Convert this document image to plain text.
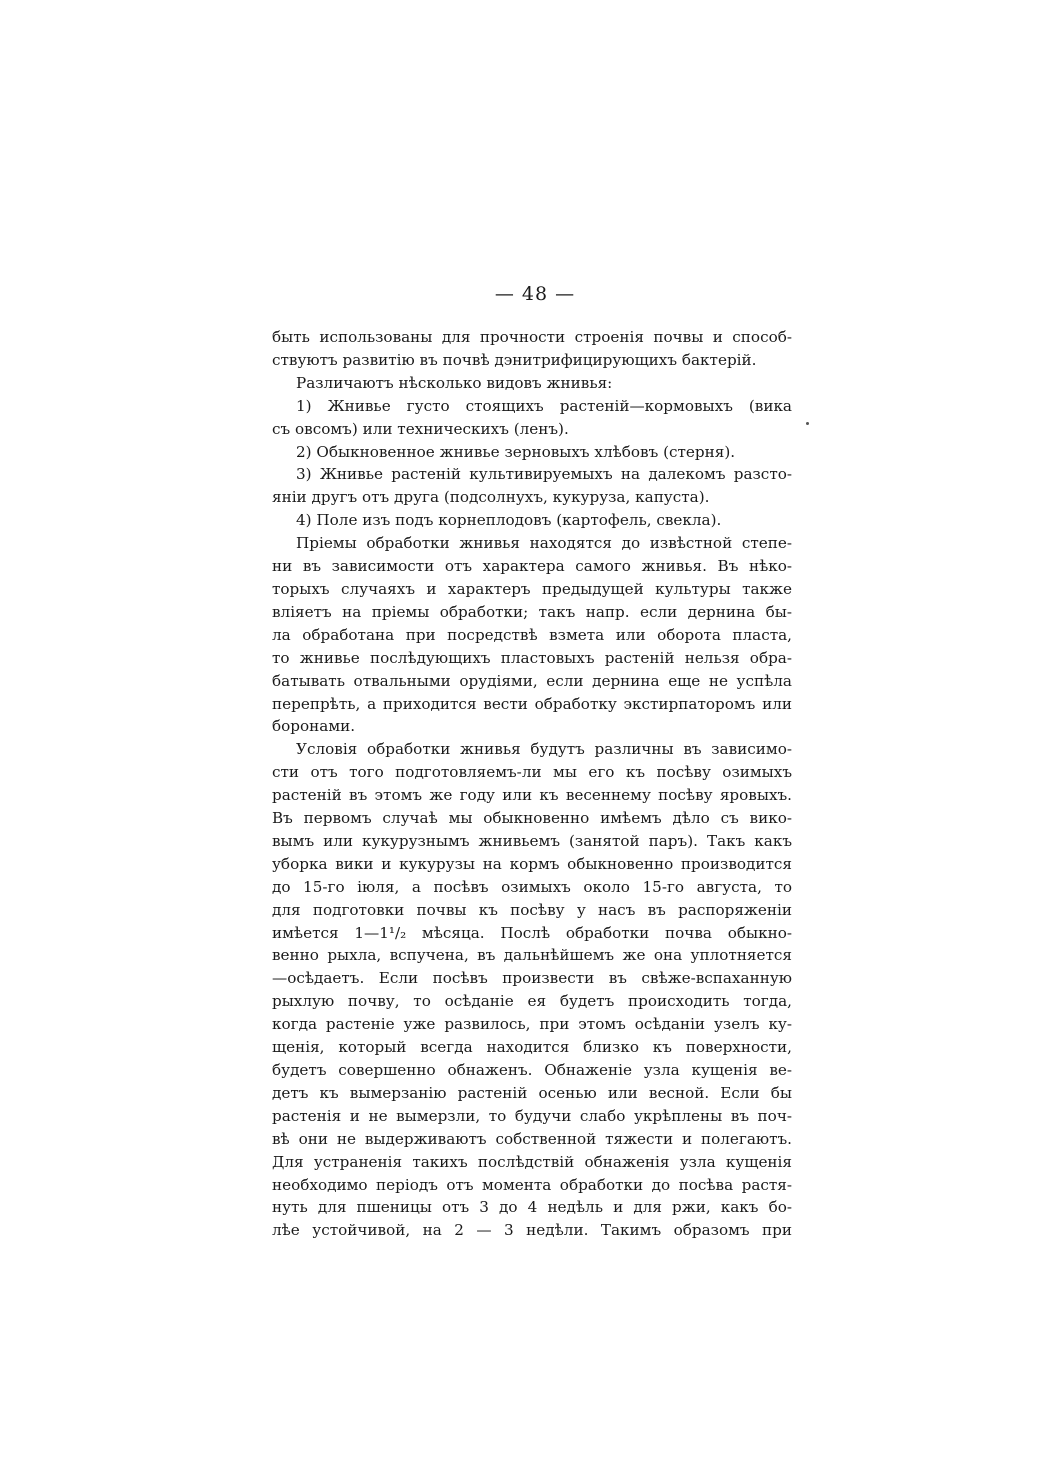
— 48 —
быть использованы для прочности строенія почвы и способ-
ствуютъ развитію въ почвѣ дэнитрифицирующихъ бактерій.
Различаютъ нѣсколько видовъ жнивья:
1) Жнивье густо стоящихъ растеній—кормовыхъ (вика
съ овсомъ) или техническихъ (ленъ).
2) Обыкновенное жнивье зерновыхъ хлѣбовъ (стерня).
3) Жнивье растеній культивируемыхъ на далекомъ разсто-
яніи другъ отъ друга (подсолнухъ, кукуруза, капуста).
4) Поле изъ подъ корнеплодовъ (картофель, свекла).
Пріемы обработки жнивья находятся до извѣстной степе-
ни въ зависимости отъ характера самого жнивья. Въ нѣко-
торыхъ случаяхъ и характеръ предыдущей культуры также
вліяетъ на пріемы обработки; такъ напр. если дернина бы-
ла обработана при посредствѣ взмета или оборота пласта,
то жнивье послѣдующихъ пластовыхъ растеній нельзя обра-
батывать отвальными орудіями, если дернина еще не успѣла
перепрѣть, а приходится вести обработку экстирпаторомъ или
боронами.
Условія обработки жнивья будутъ различны въ зависимо-
сти отъ того подготовляемъ-ли мы его къ посѣву озимыхъ
растеній въ этомъ же году или къ весеннему посѣву яровыхъ.
Въ первомъ случаѣ мы обыкновенно имѣемъ дѣло съ вико-
вымъ или кукурузнымъ жнивьемъ (занятой паръ). Такъ какъ
уборка вики и кукурузы на кормъ обыкновенно производится
до 15-го іюля, а посѣвъ озимыхъ около 15-го августа, то
для подготовки почвы къ посѣву у насъ въ распоряженіи
имѣется 1—1¹/₂ мѣсяца. Послѣ обработки почва обыкно-
венно рыхла, вспучена, въ дальнѣйшемъ же она уплотняется
—осѣдаетъ. Если посѣвъ произвести въ свѣже-вспаханную
рыхлую почву, то осѣданіе ея будетъ происходить тогда,
когда растеніе уже развилось, при этомъ осѣданіи узелъ ку-
щенія, который всегда находится близко къ поверхности,
будетъ совершенно обнаженъ. Обнаженіе узла кущенія ве-
детъ къ вымерзанію растеній осенью или весной. Если бы
растенія и не вымерзли, то будучи слабо укрѣплены въ поч-
вѣ они не выдерживаютъ собственной тяжести и полегаютъ.
Для устраненія такихъ послѣдствій обнаженія узла кущенія
необходимо періодъ отъ момента обработки до посѣва растя-
нуть для пшеницы отъ 3 до 4 недѣль и для ржи, какъ бо-
лѣе устойчивой, на 2 — 3 недѣли. Такимъ образомъ при
